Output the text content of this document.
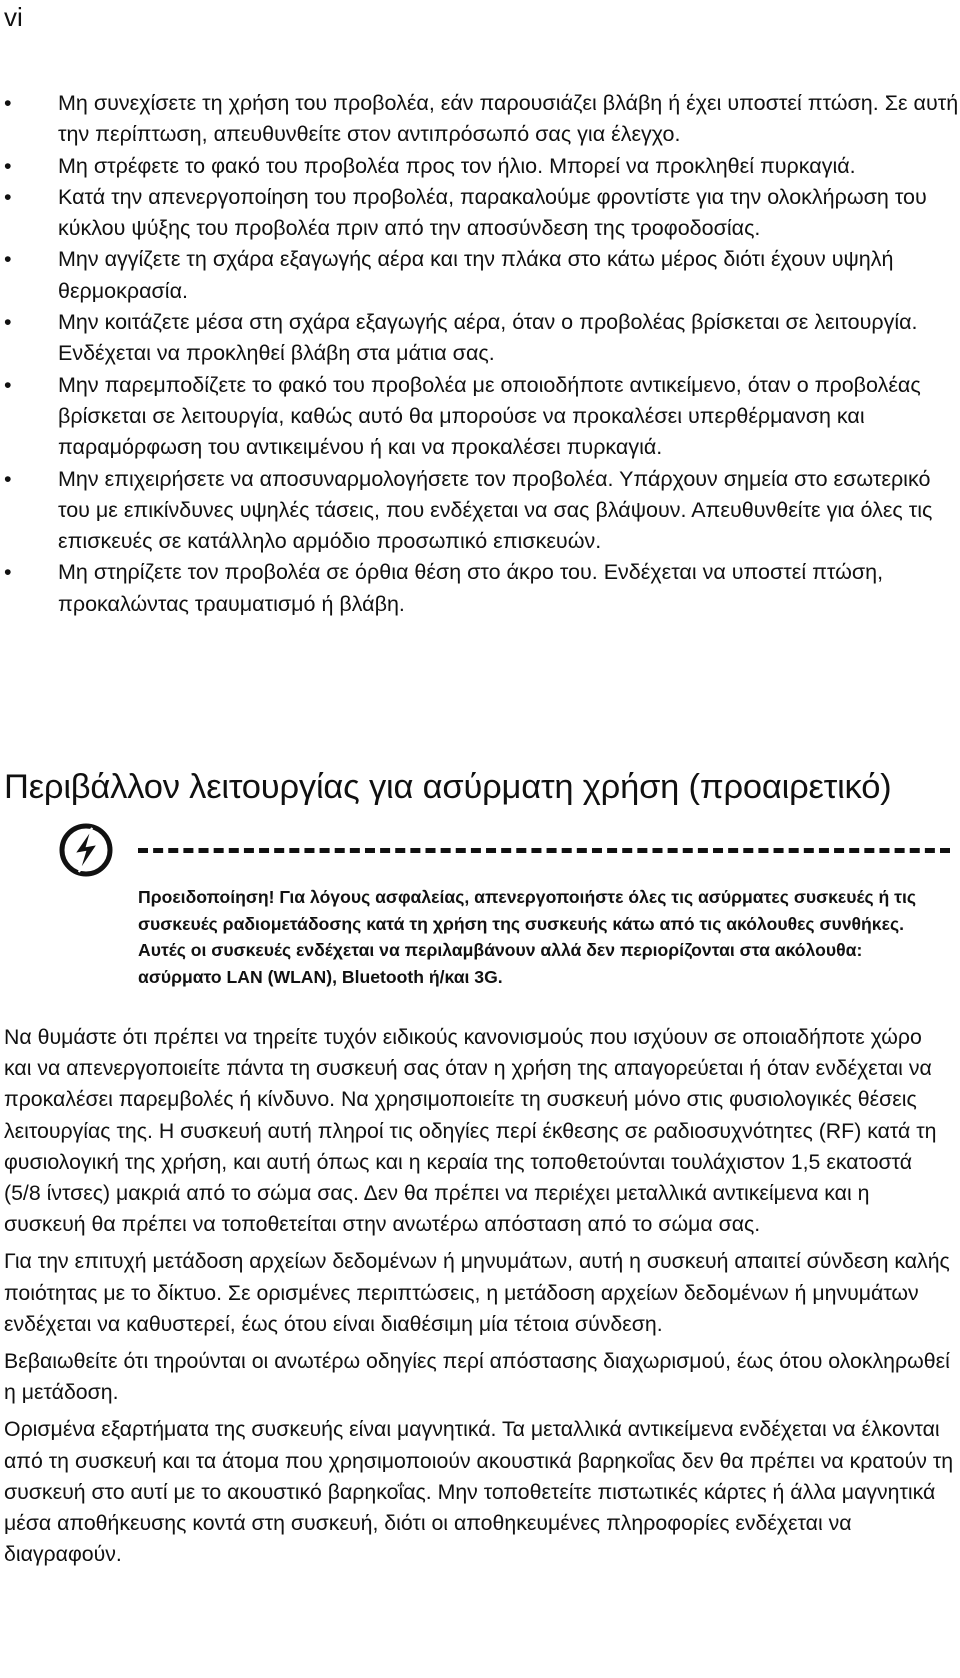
vi
• Μη συνεχίσετε τη χρήση του προβολέα, εάν παρουσιάζει βλάβη ή έχει υποστεί πτώση. Σε αυτή την περίπτωση, απευθυνθείτε στον αντιπρόσωπό σας για έλεγχο.
• Μη στρέφετε το φακό του προβολέα προς τον ήλιο. Μπορεί να προκληθεί πυρκαγιά.
• Κατά την απενεργοποίηση του προβολέα, παρακαλούμε φροντίστε για την ολοκλήρωση του κύκλου ψύξης του προβολέα πριν από την αποσύνδεση της τροφοδοσίας.
• Μην αγγίζετε τη σχάρα εξαγωγής αέρα και την πλάκα στο κάτω μέρος διότι έχουν υψηλή θερμοκρασία.
• Μην κοιτάζετε μέσα στη σχάρα εξαγωγής αέρα, όταν ο προβολέας βρίσκεται σε λειτουργία. Ενδέχεται να προκληθεί βλάβη στα μάτια σας.
• Μην παρεμποδίζετε το φακό του προβολέα με οποιοδήποτε αντικείμενο, όταν ο προβολέας βρίσκεται σε λειτουργία, καθώς αυτό θα μπορούσε να προκαλέσει υπερθέρμανση και παραμόρφωση του αντικειμένου ή και να προκαλέσει πυρκαγιά.
• Μην επιχειρήσετε να αποσυναρμολογήσετε τον προβολέα. Υπάρχουν σημεία στο εσωτερικό του με επικίνδυνες υψηλές τάσεις, που ενδέχεται να σας βλάψουν. Απευθυνθείτε για όλες τις επισκευές σε κατάλληλο αρμόδιο προσωπικό επισκευών.
• Μη στηρίζετε τον προβολέα σε όρθια θέση στο άκρο του. Ενδέχεται να υποστεί πτώση, προκαλώντας τραυματισμό ή βλάβη.
Περιβάλλον λειτουργίας για ασύρματη χρήση (προαιρετικό)

Προειδοποίηση! Για λόγους ασφαλείας, απενεργοποιήστε όλες τις ασύρματες συσκευές ή τις συσκευές ραδιομετάδοσης κατά τη χρήση της συσκευής κάτω από τις ακόλουθες συνθήκες. Αυτές οι συσκευές ενδέχεται να περιλαμβάνουν αλλά δεν περιορίζονται στα ακόλουθα: ασύρματο LAN (WLAN), Bluetooth ή/και 3G.

Να θυμάστε ότι πρέπει να τηρείτε τυχόν ειδικούς κανονισμούς που ισχύουν σε οποιαδήποτε χώρο και να απενεργοποιείτε πάντα τη συσκευή σας όταν η χρήση της απαγορεύεται ή όταν ενδέχεται να προκαλέσει παρεμβολές ή κίνδυνο. Να χρησιμοποιείτε τη συσκευή μόνο στις φυσιολογικές θέσεις λειτουργίας της. Η συσκευή αυτή πληροί τις οδηγίες περί έκθεσης σε ραδιοσυχνότητες (RF) κατά τη φυσιολογική της χρήση, και αυτή όπως και η κεραία της τοποθετούνται τουλάχιστον 1,5 εκατοστά (5/8 ίντσες) μακριά από το σώμα σας. Δεν θα πρέπει να περιέχει μεταλλικά αντικείμενα και η συσκευή θα πρέπει να τοποθετείται στην ανωτέρω απόσταση από το σώμα σας.

Για την επιτυχή μετάδοση αρχείων δεδομένων ή μηνυμάτων, αυτή η συσκευή απαιτεί σύνδεση καλής ποιότητας με το δίκτυο. Σε ορισμένες περιπτώσεις, η μετάδοση αρχείων δεδομένων ή μηνυμάτων ενδέχεται να καθυστερεί, έως ότου είναι διαθέσιμη μία τέτοια σύνδεση.

Βεβαιωθείτε ότι τηρούνται οι ανωτέρω οδηγίες περί απόστασης διαχωρισμού, έως ότου ολοκληρωθεί η μετάδοση.

Ορισμένα εξαρτήματα της συσκευής είναι μαγνητικά. Τα μεταλλικά αντικείμενα ενδέχεται να έλκονται από τη συσκευή και τα άτομα που χρησιμοποιούν ακουστικά βαρηκοΐας δεν θα πρέπει να κρατούν τη συσκευή στο αυτί με το ακουστικό βαρηκοΐας. Μην τοποθετείτε πιστωτικές κάρτες ή άλλα μαγνητικά μέσα αποθήκευσης κοντά στη συσκευή, διότι οι αποθηκευμένες πληροφορίες ενδέχεται να διαγραφούν.
